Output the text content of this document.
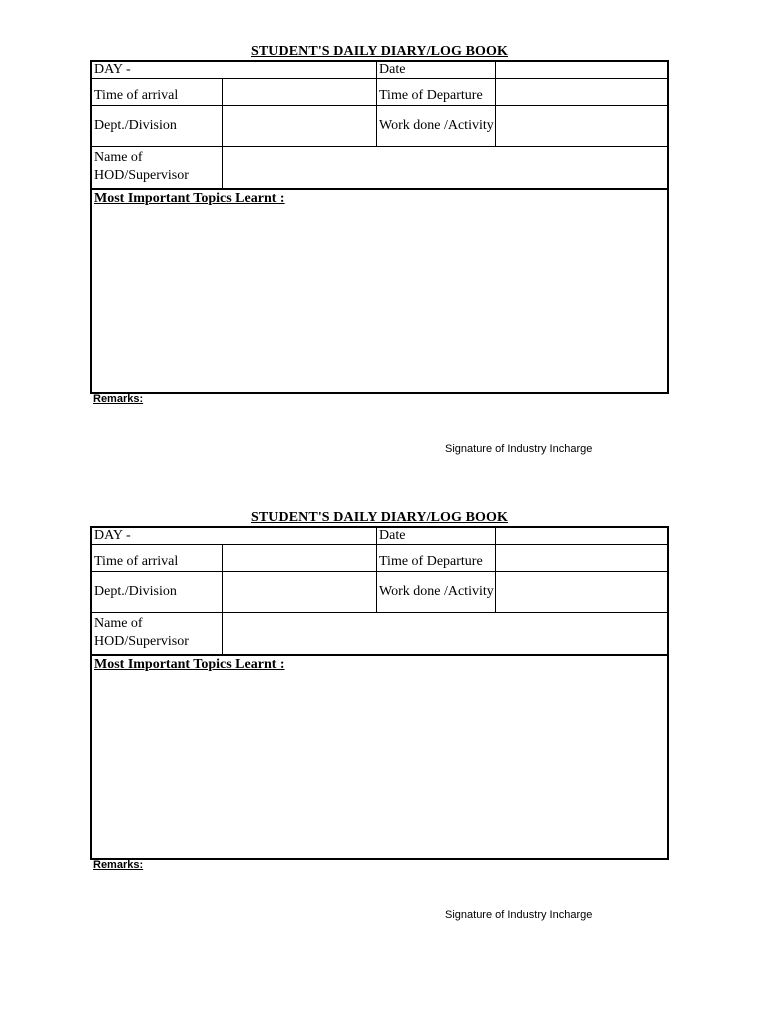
STUDENT'S DAILY DIARY/LOG BOOK
DAY -	Date
Time of arrival	Time of Departure
Dept./Division	Work done /Activity
Name of HOD/Supervisor
Most Important Topics Learnt :
Remarks:
Signature of Industry Incharge
STUDENT'S DAILY DIARY/LOG BOOK
DAY -	Date
Time of arrival	Time of Departure
Dept./Division	Work done /Activity
Name of HOD/Supervisor
Most Important Topics Learnt :
Remarks:
Signature of Industry Incharge
